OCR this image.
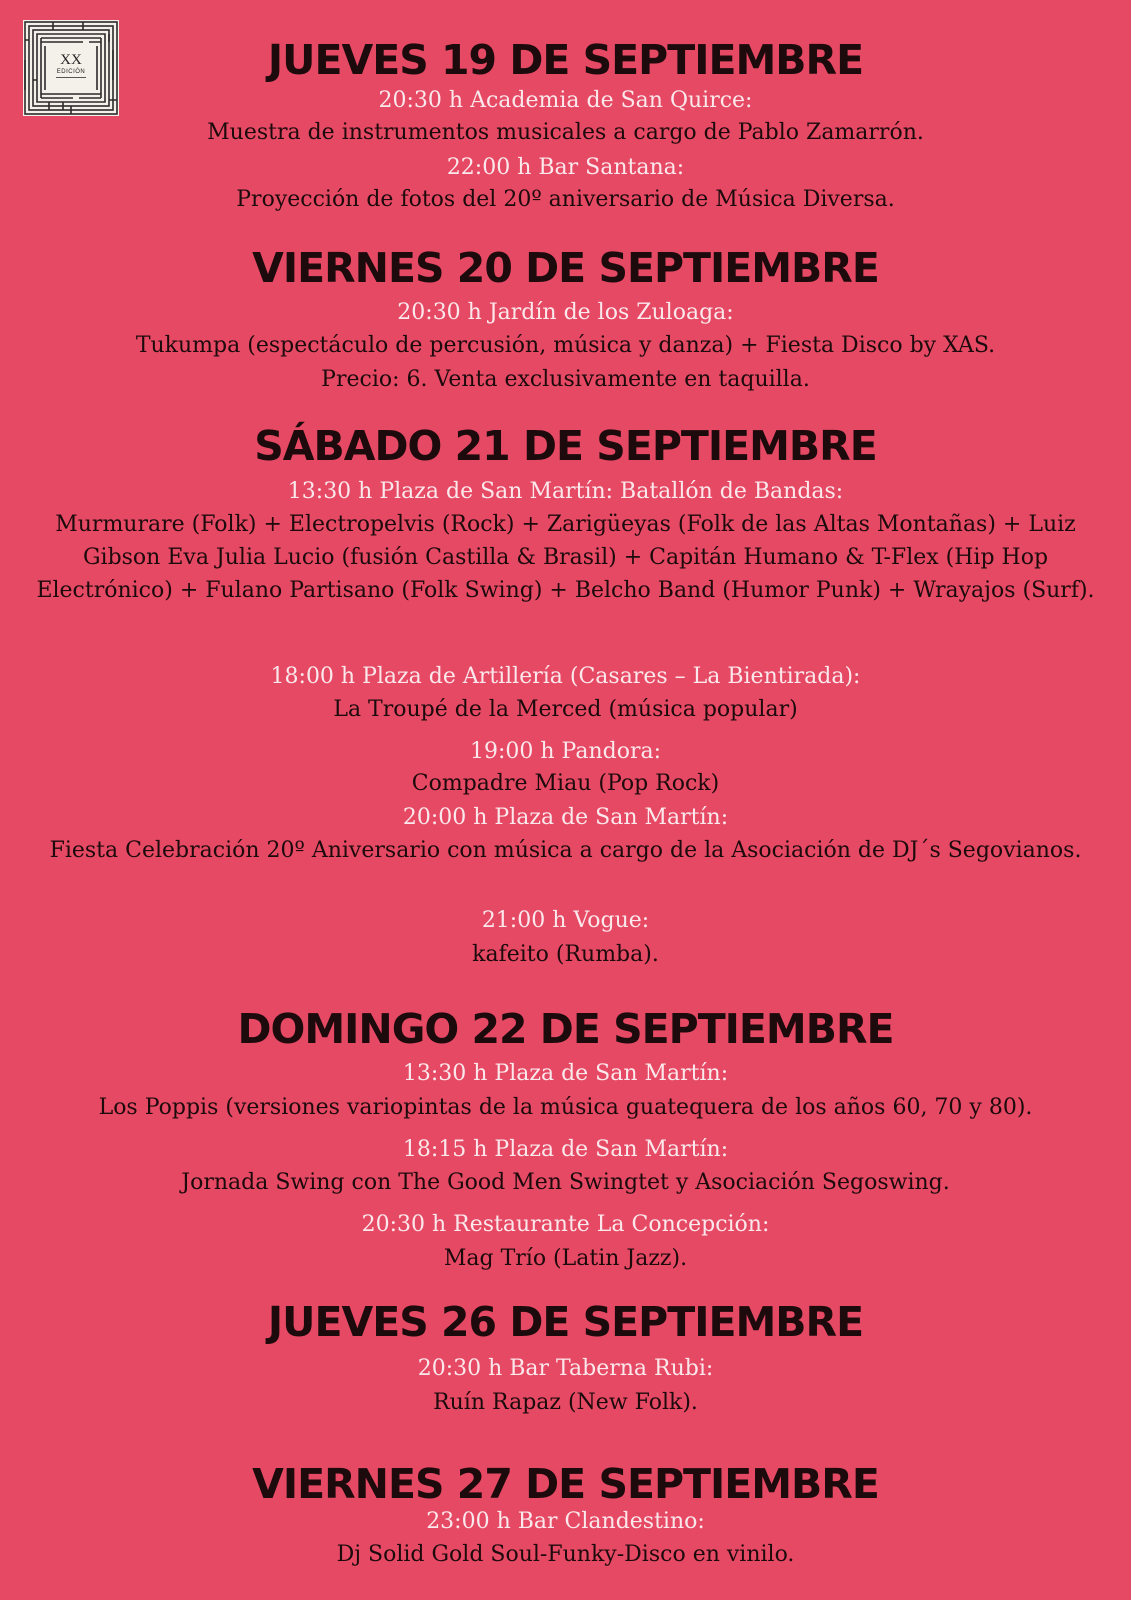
XX
EDICIÓN	JUEVES 19 DE SEPTIEMBRE
20:30 h Academia de San Quirce:
Muestra de instrumentos musicales a cargo de Pablo Zamarrón.
22:00 h Bar Santana:
Proyección de fotos del 20º aniversario de Música Diversa.
VIERNES 20 DE SEPTIEMBRE
20:30 h Jardín de los Zuloaga:
Tukumpa (espectáculo de percusión, música y danza) + Fiesta Disco by XAS.
Precio: 6. Venta exclusivamente en taquilla.
SÁBADO 21 DE SEPTIEMBRE
13:30 h Plaza de San Martín: Batallón de Bandas:
Murmurare (Folk) + Electropelvis (Rock) + Zarigüeyas (Folk de las Altas Montañas) + Luiz Gibson Eva Julia Lucio (fusión Castilla & Brasil) + Capitán Humano & T-Flex (Hip Hop Electrónico) + Fulano Partisano (Folk Swing) + Belcho Band (Humor Punk) + Wrayajos (Surf).
18:00 h Plaza de Artillería (Casares – La Bientirada):
La Troupé de la Merced (música popular)
19:00 h Pandora:
Compadre Miau (Pop Rock)
20:00 h Plaza de San Martín:
Fiesta Celebración 20º Aniversario con música a cargo de la Asociación de DJ´s Segovianos.
21:00 h Vogue:
kafeito (Rumba).
DOMINGO 22 DE SEPTIEMBRE
13:30 h Plaza de San Martín:
Los Poppis (versiones variopintas de la música guatequera de los años 60, 70 y 80).
18:15 h Plaza de San Martín:
Jornada Swing con The Good Men Swingtet y Asociación Segoswing.
20:30 h Restaurante La Concepción:
Mag Trío (Latin Jazz).
JUEVES 26 DE SEPTIEMBRE
20:30 h Bar Taberna Rubi:
Ruín Rapaz (New Folk).
VIERNES 27 DE SEPTIEMBRE
23:00 h Bar Clandestino:
Dj Solid Gold Soul-Funky-Disco en vinilo.
